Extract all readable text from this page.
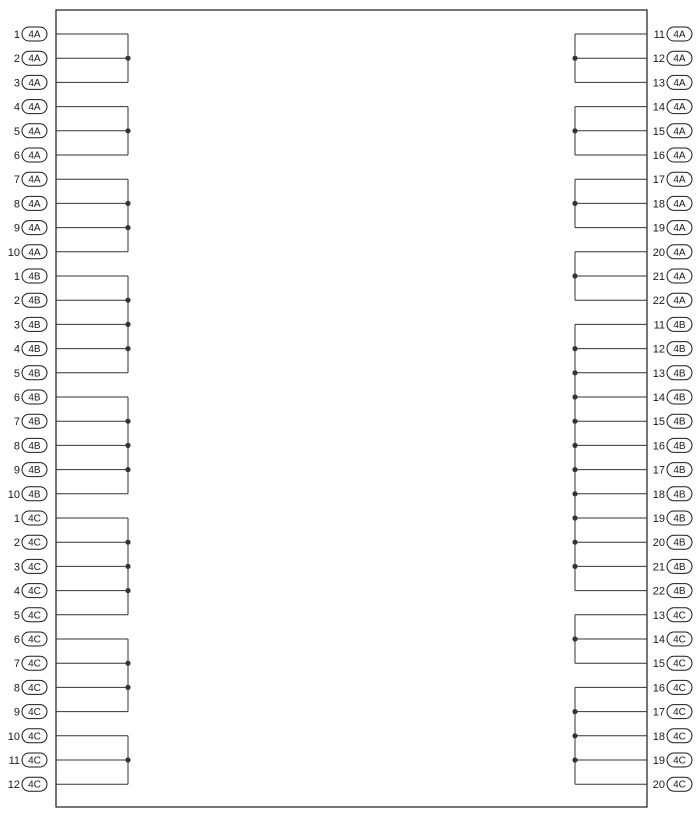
1 4A
2 4A
3 4A
4 4A
5 4A
6 4A
7 4A
8 4A
9 4A
10 4A
1 4B
2 4B
3 4B
4 4B
5 4B
6 4B
7 4B
8 4B
9 4B
10 4B
1 4C
2 4C
3 4C
4 4C
5 4C
6 4C
7 4C
8 4C
9 4C
10 4C
11 4C
12 4C
11 4A
12 4A
13 4A
14 4A
15 4A
16 4A
17 4A
18 4A
19 4A
20 4A
21 4A
22 4A
11 4B
12 4B
13 4B
14 4B
15 4B
16 4B
17 4B
18 4B
19 4B
20 4B
21 4B
22 4B
13 4C
14 4C
15 4C
16 4C
17 4C
18 4C
19 4C
20 4C
